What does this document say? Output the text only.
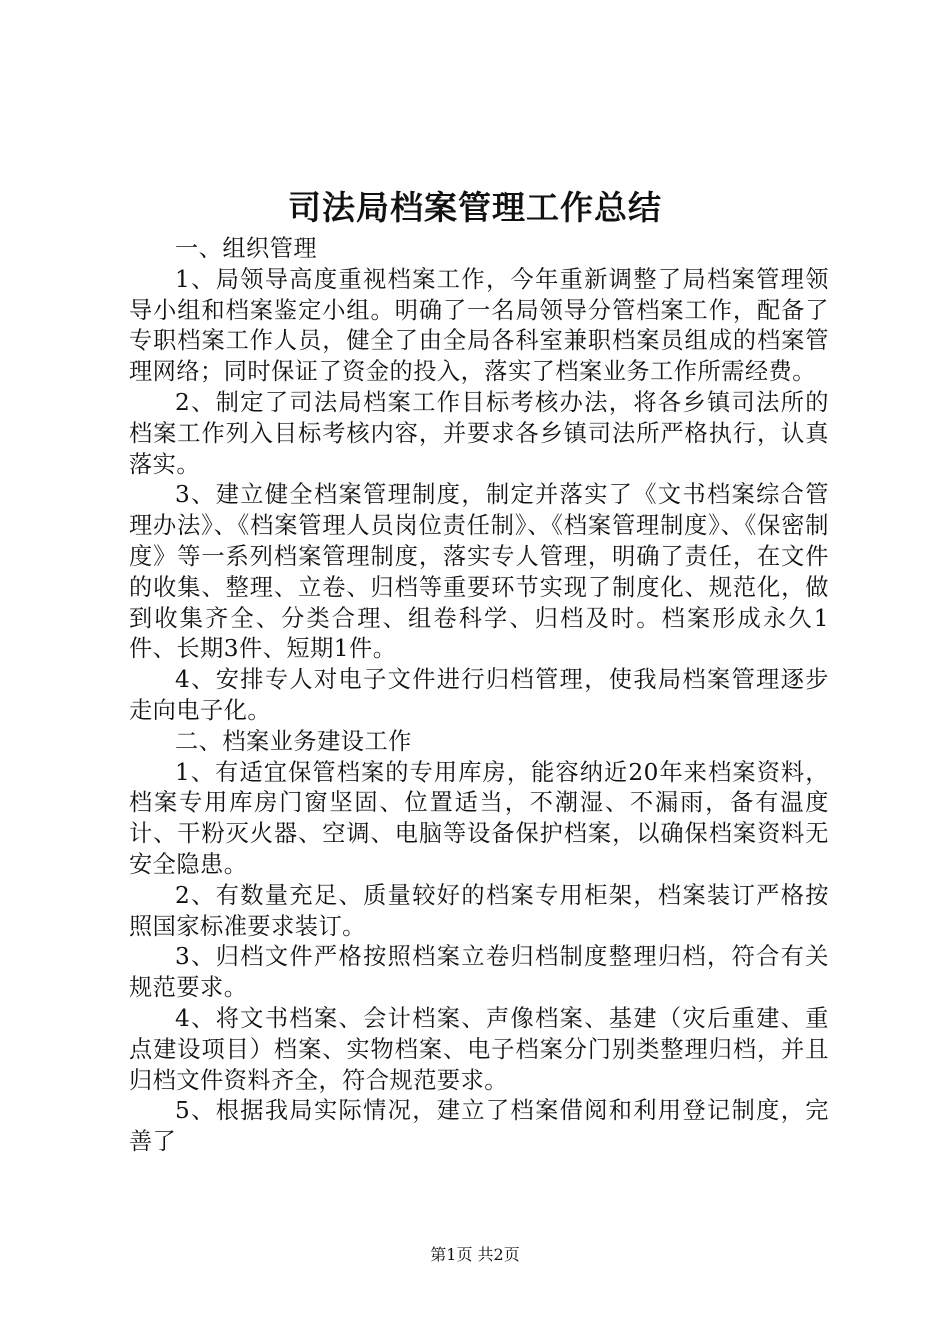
司法局档案管理工作总结

一、组织管理

1、局领导高度重视档案工作，今年重新调整了局档案管理领导小组和档案鉴定小组。明确了一名局领导分管档案工作，配备了专职档案工作人员，健全了由全局各科室兼职档案员组成的档案管理网络；同时保证了资金的投入，落实了档案业务工作所需经费。

2、制定了司法局档案工作目标考核办法，将各乡镇司法所的档案工作列入目标考核内容，并要求各乡镇司法所严格执行，认真落实。

3、建立健全档案管理制度，制定并落实了《文书档案综合管理办法》、《档案管理人员岗位责任制》、《档案管理制度》、《保密制度》等一系列档案管理制度，落实专人管理，明确了责任，在文件的收集、整理、立卷、归档等重要环节实现了制度化、规范化，做到收集齐全、分类合理、组卷科学、归档及时。档案形成永久1件、长期3件、短期1件。

4、安排专人对电子文件进行归档管理，使我局档案管理逐步走向电子化。

二、档案业务建设工作

1、有适宜保管档案的专用库房，能容纳近20年来档案资料，档案专用库房门窗坚固、位置适当，不潮湿、不漏雨，备有温度计、干粉灭火器、空调、电脑等设备保护档案，以确保档案资料无安全隐患。

2、有数量充足、质量较好的档案专用柜架，档案装订严格按照国家标准要求装订。

3、归档文件严格按照档案立卷归档制度整理归档，符合有关规范要求。

4、将文书档案、会计档案、声像档案、基建（灾后重建、重点建设项目）档案、实物档案、电子档案分门别类整理归档，并且归档文件资料齐全，符合规范要求。

5、根据我局实际情况，建立了档案借阅和利用登记制度，完善了

第1页 共2页
